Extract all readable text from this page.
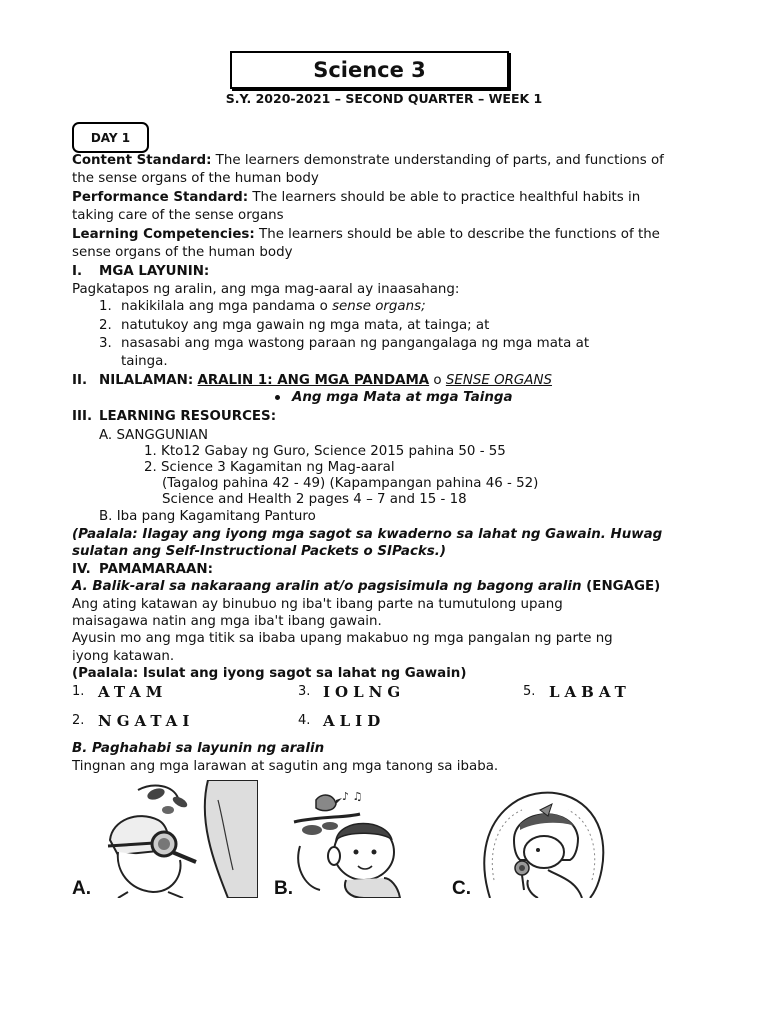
Science 3
S.Y. 2020-2021 – SECOND QUARTER – WEEK 1
DAY 1
Content Standard: The learners demonstrate understanding of parts, and functions of
the sense organs of the human body
Performance Standard: The learners should be able to practice healthful habits in
taking care of the sense organs
Learning Competencies: The learners should be able to describe the functions of the
sense organs of the human body
I. MGA LAYUNIN:
Pagkatapos ng aralin, ang mga mag-aaral ay inaasahang:
1. nakikilala ang mga pandama o sense organs;
2. natutukoy ang mga gawain ng mga mata, at tainga; at
3. nasasabi ang mga wastong paraan ng pangangalaga ng mga mata at
tainga.
II. NILALAMAN: ARALIN 1: ANG MGA PANDAMA o SENSE ORGANS
Ang mga Mata at mga Tainga
III. LEARNING RESOURCES:
A. SANGGUNIAN
1. Kto12 Gabay ng Guro, Science 2015 pahina 50 - 55
2. Science 3 Kagamitan ng Mag-aaral
(Tagalog pahina 42 - 49) (Kapampangan pahina 46 - 52)
Science and Health 2 pages 4 – 7 and 15 - 18
B. Iba pang Kagamitang Panturo
(Paalala: Ilagay ang iyong mga sagot sa kwaderno sa lahat ng Gawain. Huwag
sulatan ang Self-Instructional Packets o SIPacks.)
IV. PAMAMARAAN:
A. Balik-aral sa nakaraang aralin at/o pagsisimula ng bagong aralin (ENGAGE)
Ang ating katawan ay binubuo ng iba't ibang parte na tumutulong upang
maisagawa natin ang mga iba't ibang gawain.
Ayusin mo ang mga titik sa ibaba upang makabuo ng mga pangalan ng parte ng
iyong katawan.
(Paalala: Isulat ang iyong sagot sa lahat ng Gawain)
1. ATAM	3. IOLNG	5. LABAT
2. NGATAI	4. ALID
B. Paghahabi sa layunin ng aralin
Tingnan ang mga larawan at sagutin ang mga tanong sa ibaba.
A.
♪ ♫
B.	C.
